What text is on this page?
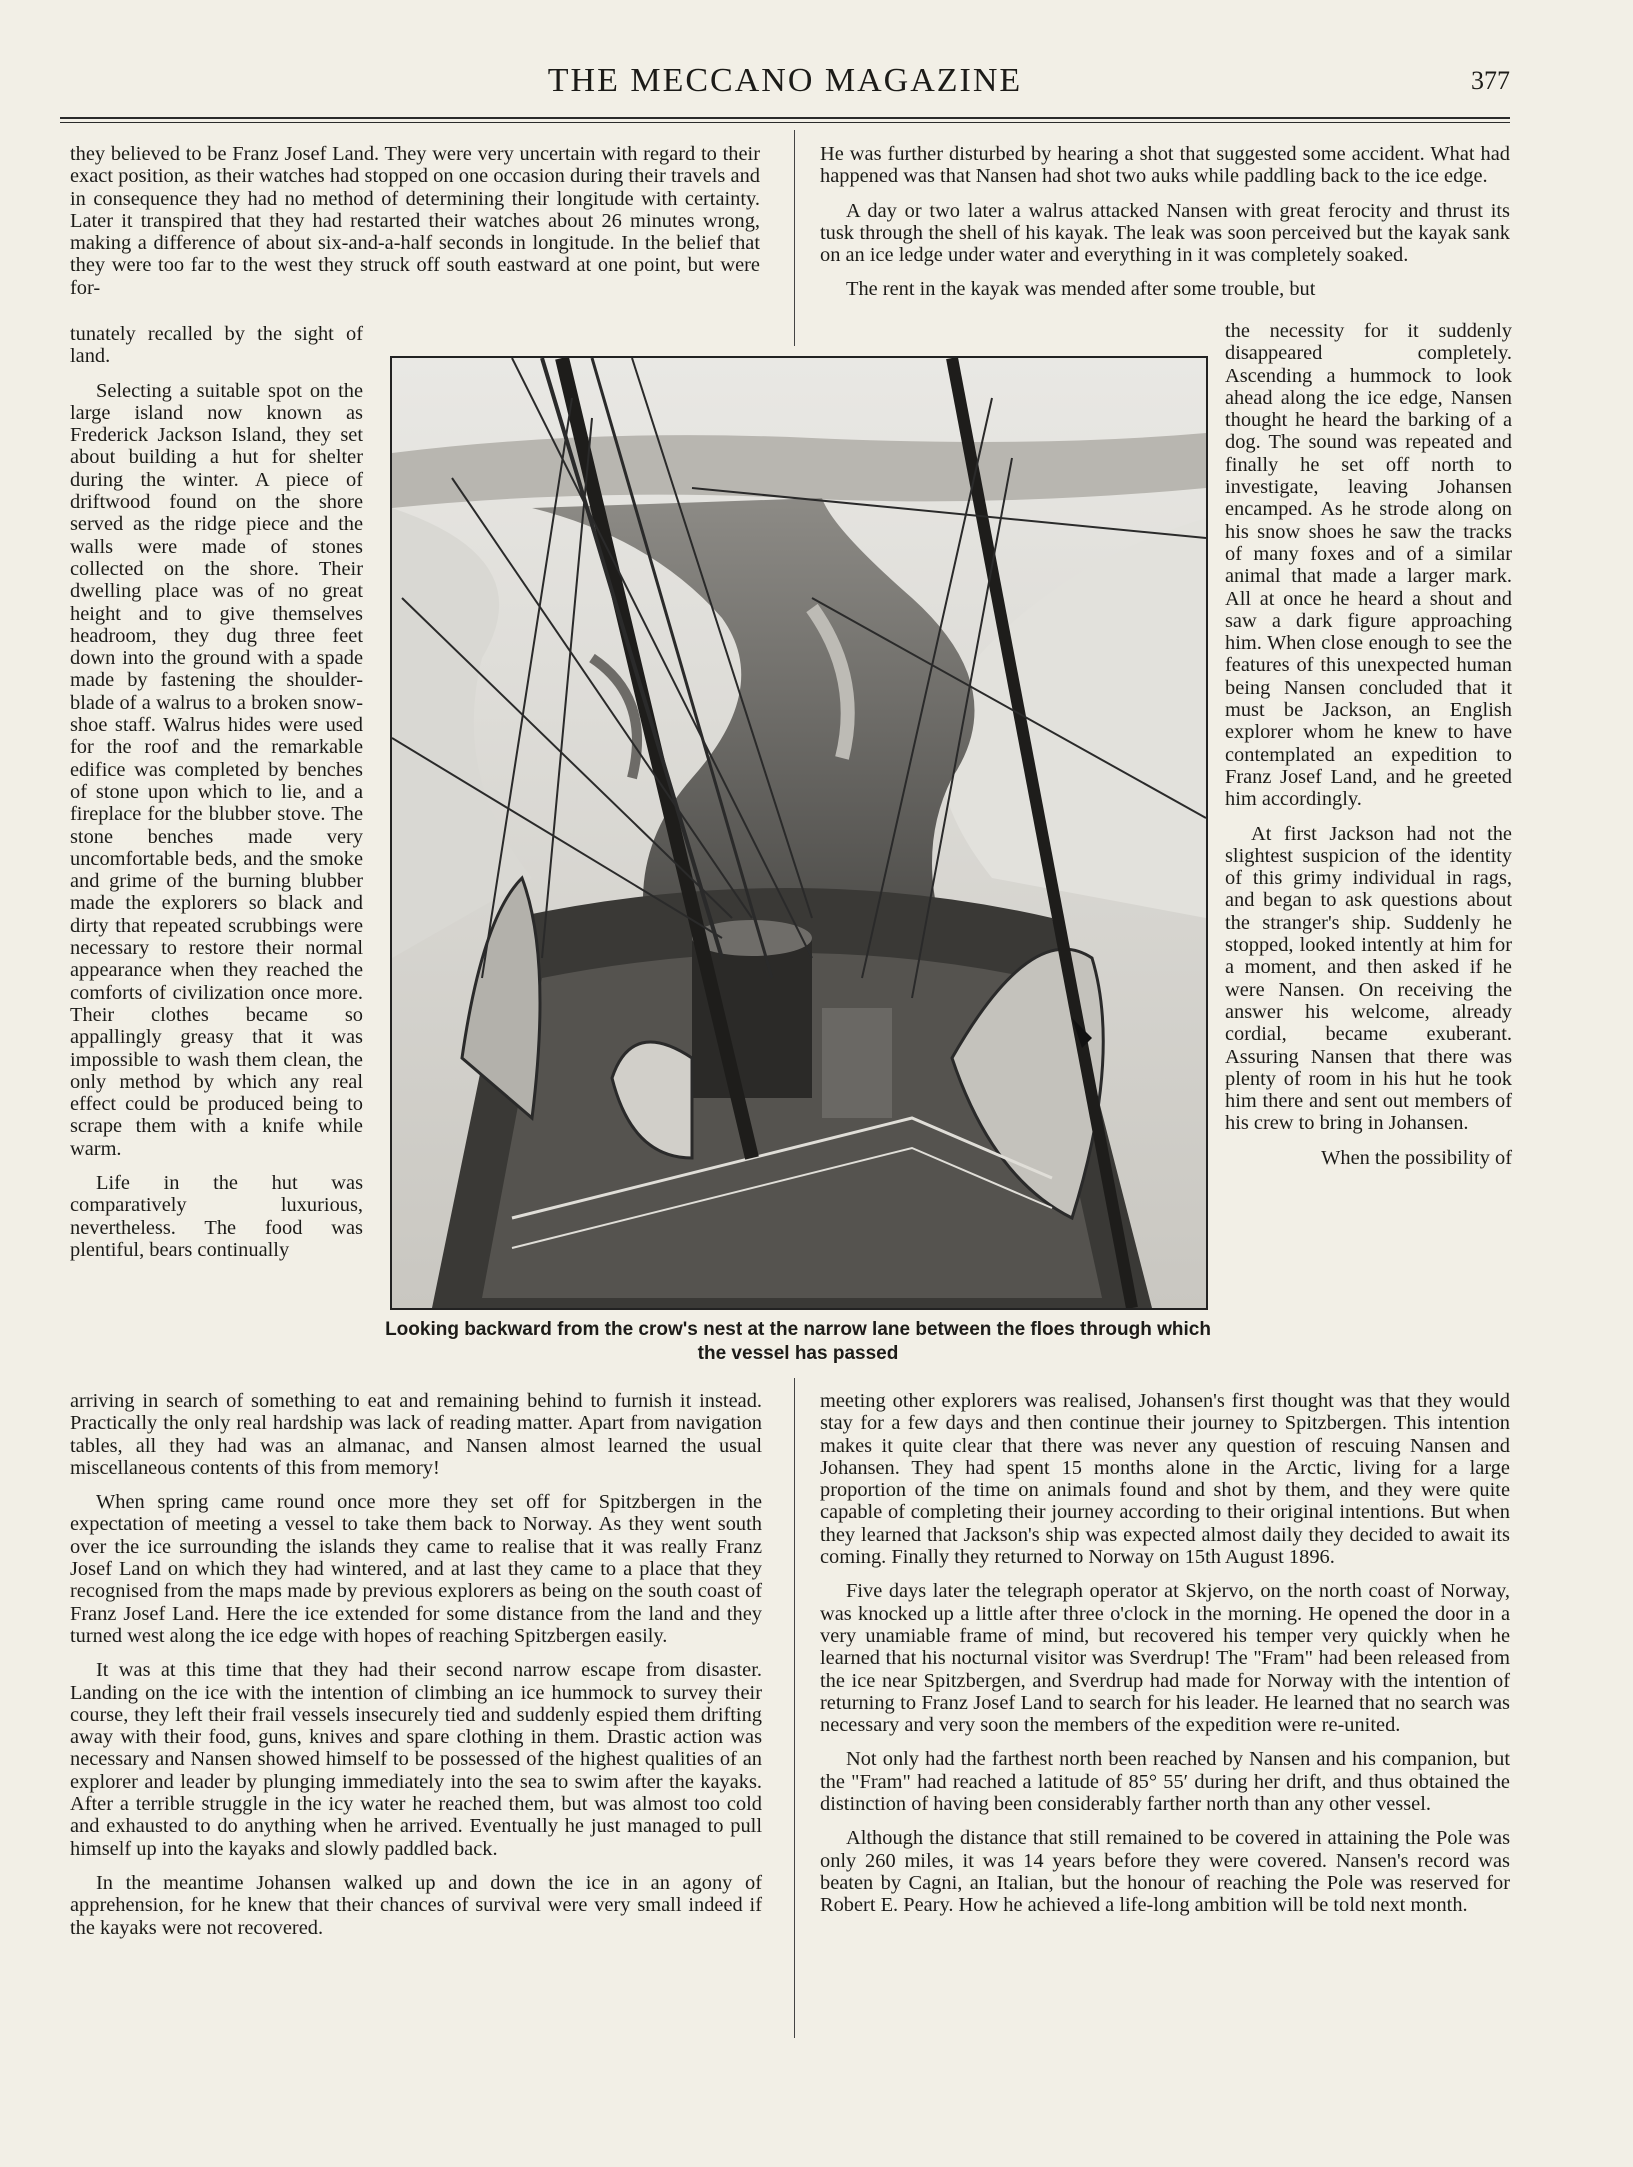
THE MECCANO MAGAZINE	377

they believed to be Franz Josef Land. They were very uncertain with regard to their exact position, as their watches had stopped on one occasion during their travels and in consequence they had no method of determining their longitude with certainty. Later it transpired that they had restarted their watches about 26 minutes wrong, making a difference of about six-and-a-half seconds in longitude. In the belief that they were too far to the west they struck off south eastward at one point, but were for-

tunately recalled by the sight of land.

Selecting a suitable spot on the large island now known as Frederick Jackson Island, they set about building a hut for shelter during the winter. A piece of driftwood found on the shore served as the ridge piece and the walls were made of stones collected on the shore. Their dwelling place was of no great height and to give themselves headroom, they dug three feet down into the ground with a spade made by fastening the shoulder-blade of a walrus to a broken snow-shoe staff. Walrus hides were used for the roof and the remarkable edifice was completed by benches of stone upon which to lie, and a fireplace for the blubber stove. The stone benches made very uncomfortable beds, and the smoke and grime of the burning blubber made the explorers so black and dirty that repeated scrubbings were necessary to restore their normal appearance when they reached the comforts of civilization once more. Their clothes became so appallingly greasy that it was impossible to wash them clean, the only method by which any real effect could be produced being to scrape them with a knife while warm.

Life in the hut was comparatively luxurious, nevertheless. The food was plentiful, bears continually

arriving in search of something to eat and remaining behind to furnish it instead. Practically the only real hardship was lack of reading matter. Apart from navigation tables, all they had was an almanac, and Nansen almost learned the usual miscellaneous contents of this from memory!

When spring came round once more they set off for Spitzbergen in the expectation of meeting a vessel to take them back to Norway. As they went south over the ice surrounding the islands they came to realise that it was really Franz Josef Land on which they had wintered, and at last they came to a place that they recognised from the maps made by previous explorers as being on the south coast of Franz Josef Land. Here the ice extended for some distance from the land and they turned west along the ice edge with hopes of reaching Spitzbergen easily.

It was at this time that they had their second narrow escape from disaster. Landing on the ice with the intention of climbing an ice hummock to survey their course, they left their frail vessels insecurely tied and suddenly espied them drifting away with their food, guns, knives and spare clothing in them. Drastic action was necessary and Nansen showed himself to be possessed of the highest qualities of an explorer and leader by plunging immediately into the sea to swim after the kayaks. After a terrible struggle in the icy water he reached them, but was almost too cold and exhausted to do anything when he arrived. Eventually he just managed to pull himself up into the kayaks and slowly paddled back.

In the meantime Johansen walked up and down the ice in an agony of apprehension, for he knew that their chances of survival were very small indeed if the kayaks were not recovered.

He was further disturbed by hearing a shot that suggested some accident. What had happened was that Nansen had shot two auks while paddling back to the ice edge.

A day or two later a walrus attacked Nansen with great ferocity and thrust its tusk through the shell of his kayak. The leak was soon perceived but the kayak sank on an ice ledge under water and everything in it was completely soaked.

The rent in the kayak was mended after some trouble, but

the necessity for it suddenly disappeared completely. Ascending a hummock to look ahead along the ice edge, Nansen thought he heard the barking of a dog. The sound was repeated and finally he set off north to investigate, leaving Johansen encamped. As he strode along on his snow shoes he saw the tracks of many foxes and of a similar animal that made a larger mark. All at once he heard a shout and saw a dark figure approaching him. When close enough to see the features of this unexpected human being Nansen concluded that it must be Jackson, an English explorer whom he knew to have contemplated an expedition to Franz Josef Land, and he greeted him accordingly.

At first Jackson had not the slightest suspicion of the identity of this grimy individual in rags, and began to ask questions about the stranger's ship. Suddenly he stopped, looked intently at him for a moment, and then asked if he were Nansen. On receiving the answer his welcome, already cordial, became exuberant. Assuring Nansen that there was plenty of room in his hut he took him there and sent out members of his crew to bring in Johansen.

When the possibility of

meeting other explorers was realised, Johansen's first thought was that they would stay for a few days and then continue their journey to Spitzbergen. This intention makes it quite clear that there was never any question of rescuing Nansen and Johansen. They had spent 15 months alone in the Arctic, living for a large proportion of the time on animals found and shot by them, and they were quite capable of completing their journey according to their original intentions. But when they learned that Jackson's ship was expected almost daily they decided to await its coming. Finally they returned to Norway on 15th August 1896.

Five days later the telegraph operator at Skjervo, on the north coast of Norway, was knocked up a little after three o'clock in the morning. He opened the door in a very unamiable frame of mind, but recovered his temper very quickly when he learned that his nocturnal visitor was Sverdrup! The "Fram" had been released from the ice near Spitzbergen, and Sverdrup had made for Norway with the intention of returning to Franz Josef Land to search for his leader. He learned that no search was necessary and very soon the members of the expedition were re-united.

Not only had the farthest north been reached by Nansen and his companion, but the "Fram" had reached a latitude of 85° 55′ during her drift, and thus obtained the distinction of having been considerably farther north than any other vessel.

Although the distance that still remained to be covered in attaining the Pole was only 260 miles, it was 14 years before they were covered. Nansen's record was beaten by Cagni, an Italian, but the honour of reaching the Pole was reserved for Robert E. Peary. How he achieved a life-long ambition will be told next month.

Looking backward from the crow's nest at the narrow lane between the floes through which the vessel has passed
